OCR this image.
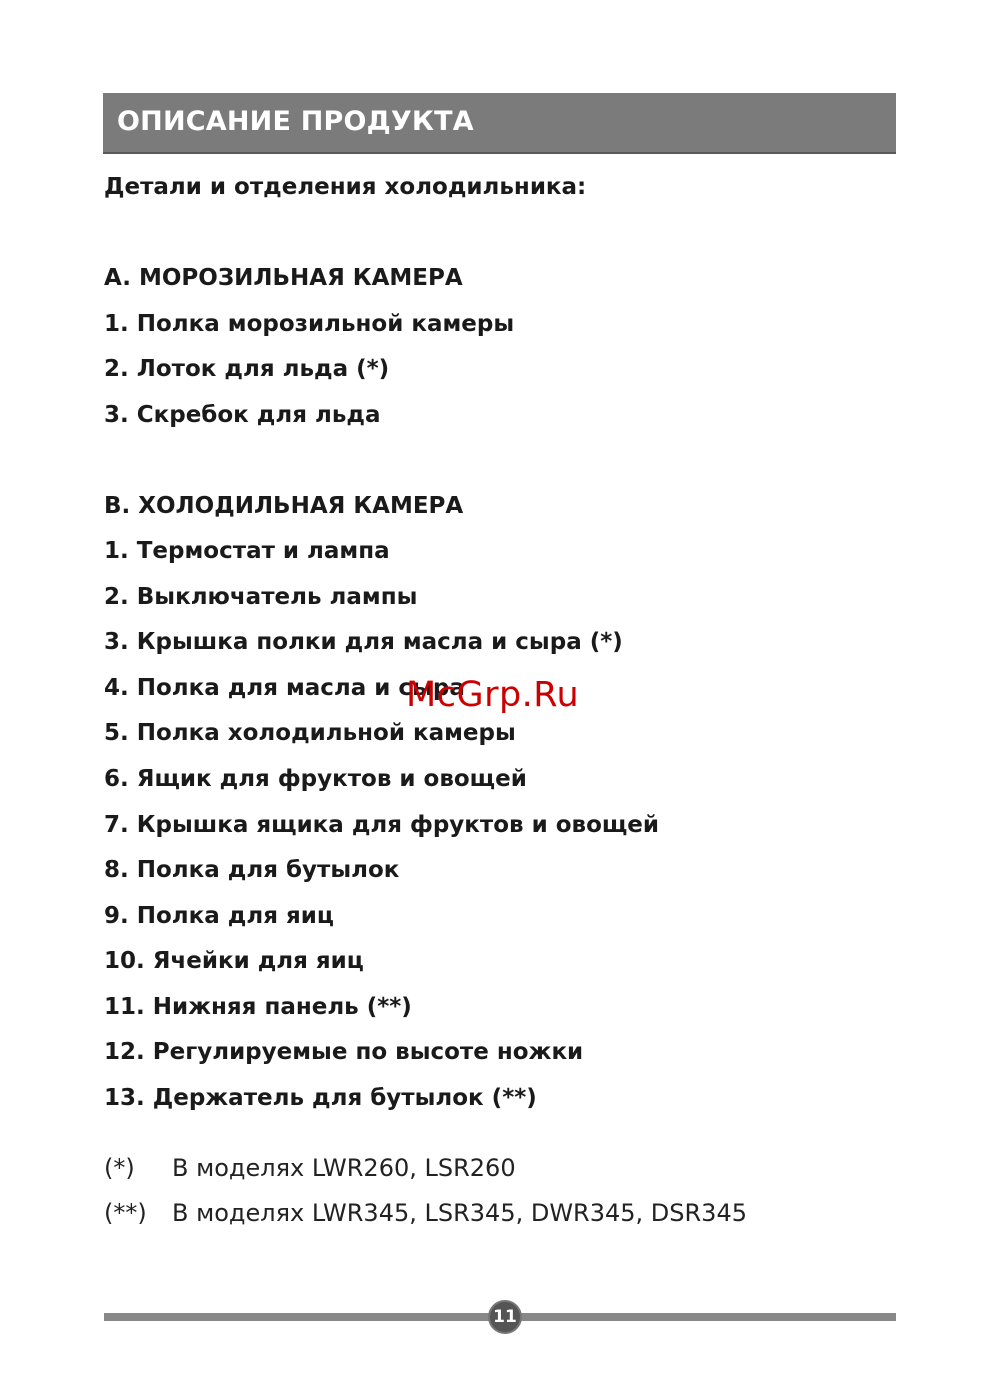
ОПИСАНИЕ ПРОДУКТА
Детали и отделения холодильника:
A. МОРОЗИЛЬНАЯ КАМЕРА
1. Полка морозильной камеры
2. Лоток для льда (*)
3. Скребок для льда
B. ХОЛОДИЛЬНАЯ КАМЕРА
1. Термостат и лампа
2. Выключатель лампы
3. Крышка полки для масла и сыра (*)
4. Полка для масла и сыра
5. Полка холодильной камеры
6. Ящик для фруктов и овощей
7. Крышка ящика для фруктов и овощей
8. Полка для бутылок
9. Полка для яиц
10. Ячейки для яиц
11. Нижняя панель (**)
12. Регулируемые по высоте ножки
13. Держатель для бутылок (**)
(*) В моделях LWR260, LSR260
(**) В моделях LWR345, LSR345, DWR345, DSR345
McGrp.Ru
11
